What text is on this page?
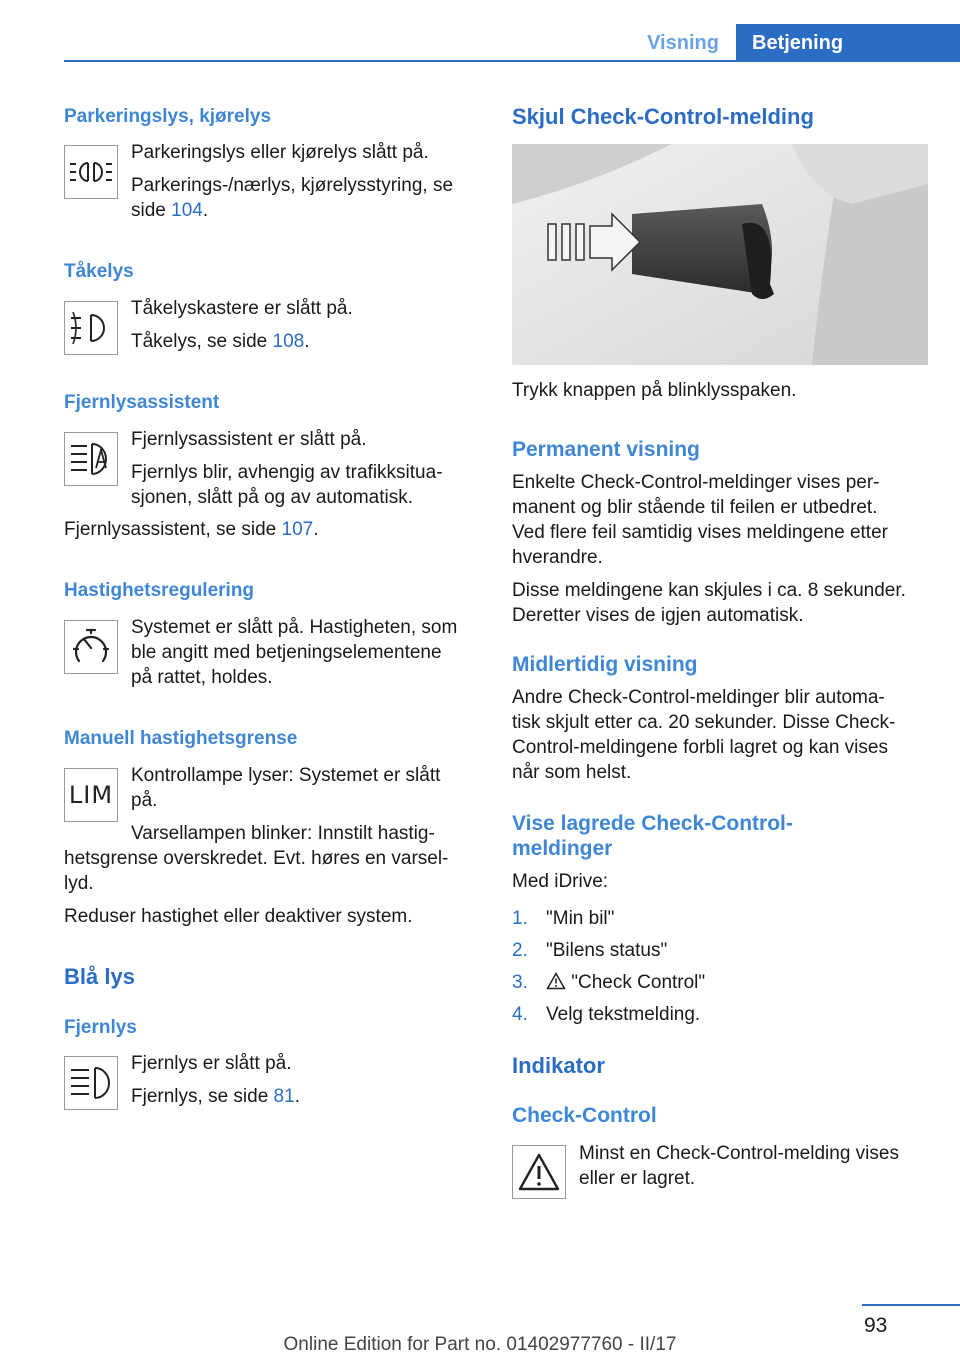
Visning	Betjening
Parkeringslys, kjørelys
Parkeringslys eller kjørelys slått på.
Parkerings-/nærlys, kjørelysstyring, se
side 104.
Tåkelys
Tåkelyskastere er slått på.
Tåkelys, se side 108.
Fjernlysassistent
Fjernlysassistent er slått på.
Fjernlys blir, avhengig av trafikksitua‐
sjonen, slått på og av automatisk.
Fjernlysassistent, se side 107.
Hastighetsregulering
Systemet er slått på. Hastigheten, som
ble angitt med betjeningselementene
på rattet, holdes.
Manuell hastighetsgrense
LIM
Kontrollampe lyser: Systemet er slått
på.
Varsellampen blinker: Innstilt hastig‐
hetsgrense overskredet. Evt. høres en varsel‐
lyd.
Reduser hastighet eller deaktiver system.
Blå lys
Fjernlys
Fjernlys er slått på.
Fjernlys, se side 81.
Skjul Check-Control-melding
Trykk knappen på blinklysspaken.
Permanent visning
Enkelte Check-Control-meldinger vises per‐
manent og blir stående til feilen er utbedret.
Ved flere feil samtidig vises meldingene etter
hverandre.
Disse meldingene kan skjules i ca. 8 sekunder.
Deretter vises de igjen automatisk.
Midlertidig visning
Andre Check-Control-meldinger blir automa‐
tisk skjult etter ca. 20 sekunder. Disse Check-
Control-meldingene forbli lagret og kan vises
når som helst.
Vise lagrede Check-Control-
meldinger
Med iDrive:
1. "Min bil"
2. "Bilens status"
3.	"Check Control"
4. Velg tekstmelding.
Indikator
Check-Control
Minst en Check-Control-melding vises
eller er lagret.
93
Online Edition for Part no. 01402977760 - II/17
